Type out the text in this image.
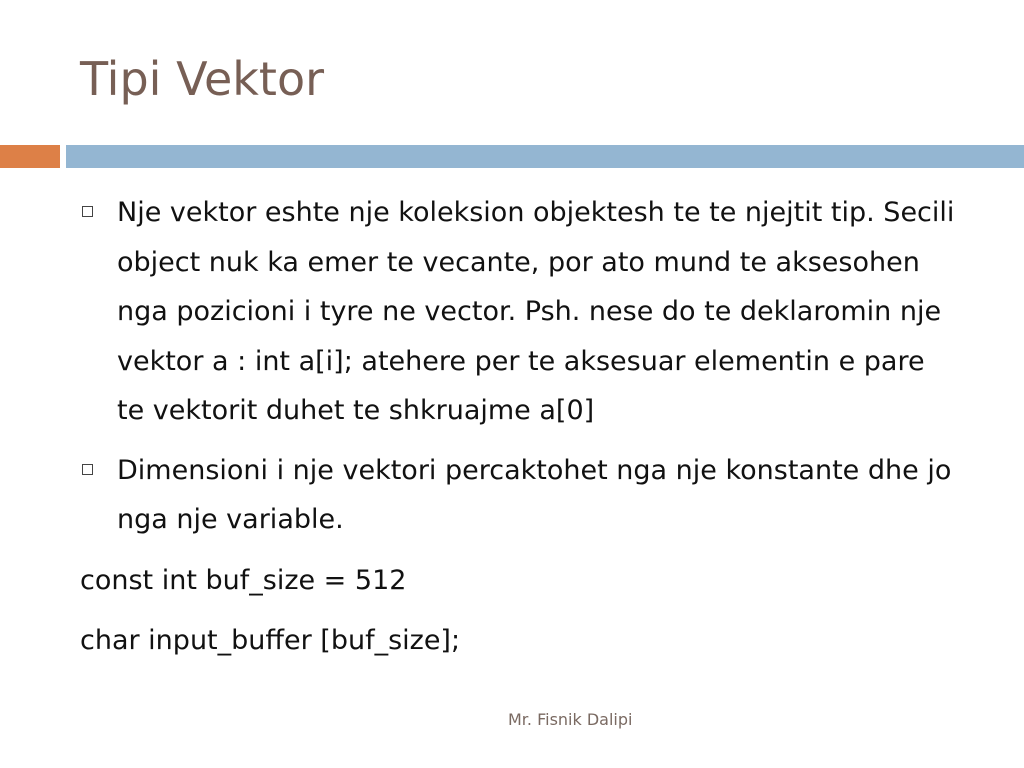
Tipi Vektor
Nje vektor eshte nje koleksion objektesh te te njejtit tip. Secili object nuk ka emer te vecante, por ato mund te aksesohen nga pozicioni i tyre ne vector. Psh. nese do te deklaromin nje vektor a : int a[i]; atehere per te aksesuar elementin e pare te vektorit duhet te shkruajme a[0]
Dimensioni i nje vektori percaktohet nga nje konstante dhe jo nga nje variable.
const int buf_size = 512
char input_buffer [buf_size];
Mr. Fisnik Dalipi
